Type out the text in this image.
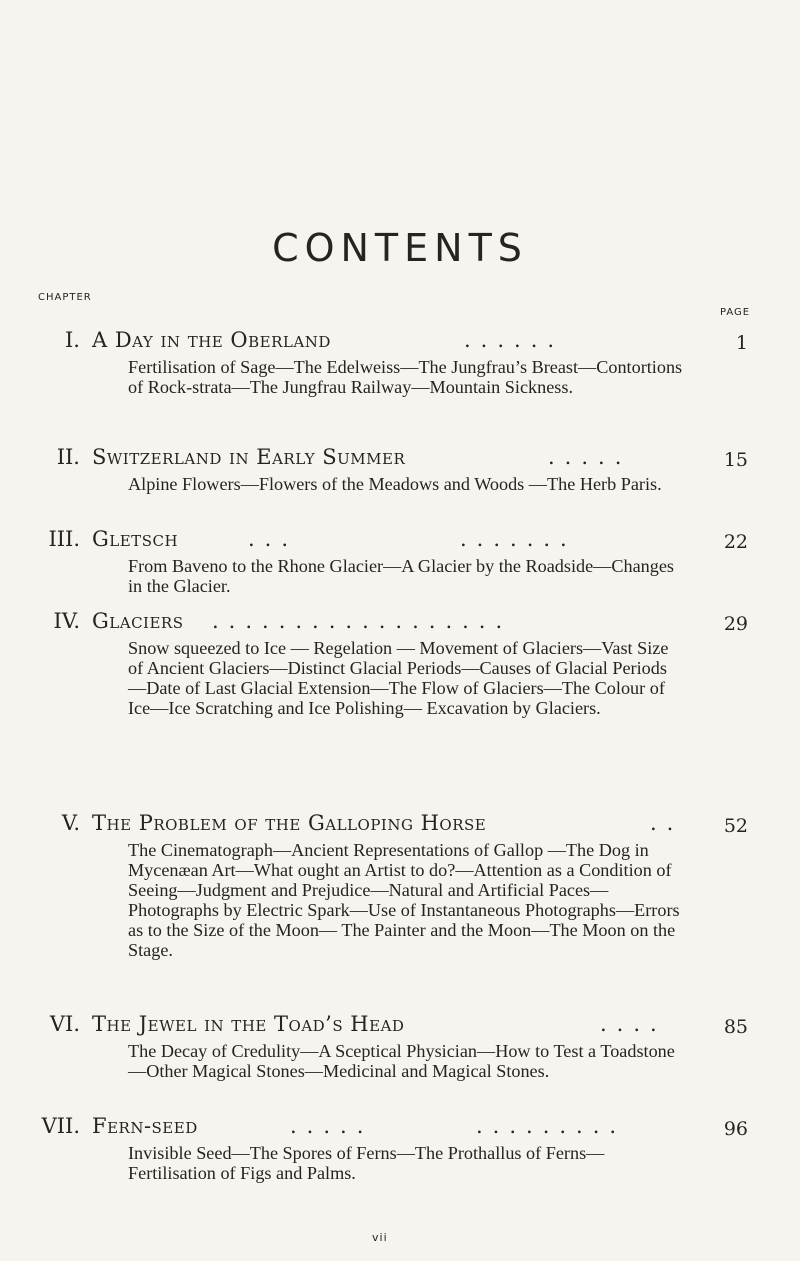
CONTENTS
CHAPTER
PAGE
I. A Day in the Oberland	......	1
Fertilisation of Sage—The Edelweiss—The Jungfrau’s Breast—Contortions of Rock-strata—The Jungfrau Railway—Mountain Sickness.
II. Switzerland in Early Summer	.....	15
Alpine Flowers—Flowers of the Meadows and Woods —The Herb Paris.
III. Gletsch	...	.......	22
From Baveno to the Rhone Glacier—A Glacier by the Roadside—Changes in the Glacier.
IV. Glaciers ..................	29
Snow squeezed to Ice — Regelation — Movement of Glaciers—Vast Size of Ancient Glaciers—Distinct Glacial Periods—Causes of Glacial Periods—Date of Last Glacial Extension—The Flow of Glaciers—The Colour of Ice—Ice Scratching and Ice Polishing— Excavation by Glaciers.
V. The Problem of the Galloping Horse	.. 52
The Cinematograph—Ancient Representations of Gallop —The Dog in Mycenæan Art—What ought an Artist to do?—Attention as a Condition of Seeing—Judgment and Prejudice—Natural and Artificial Paces— Photographs by Electric Spark—Use of Instantaneous Photographs—Errors as to the Size of the Moon— The Painter and the Moon—The Moon on the Stage.
VI. The Jewel in the Toad’s Head	....	85
The Decay of Credulity—A Sceptical Physician—How to Test a Toadstone—Other Magical Stones—Medicinal and Magical Stones.
VII. Fern-seed	.....	.........	96
Invisible Seed—The Spores of Ferns—The Prothallus of Ferns—Fertilisation of Figs and Palms.
vii
